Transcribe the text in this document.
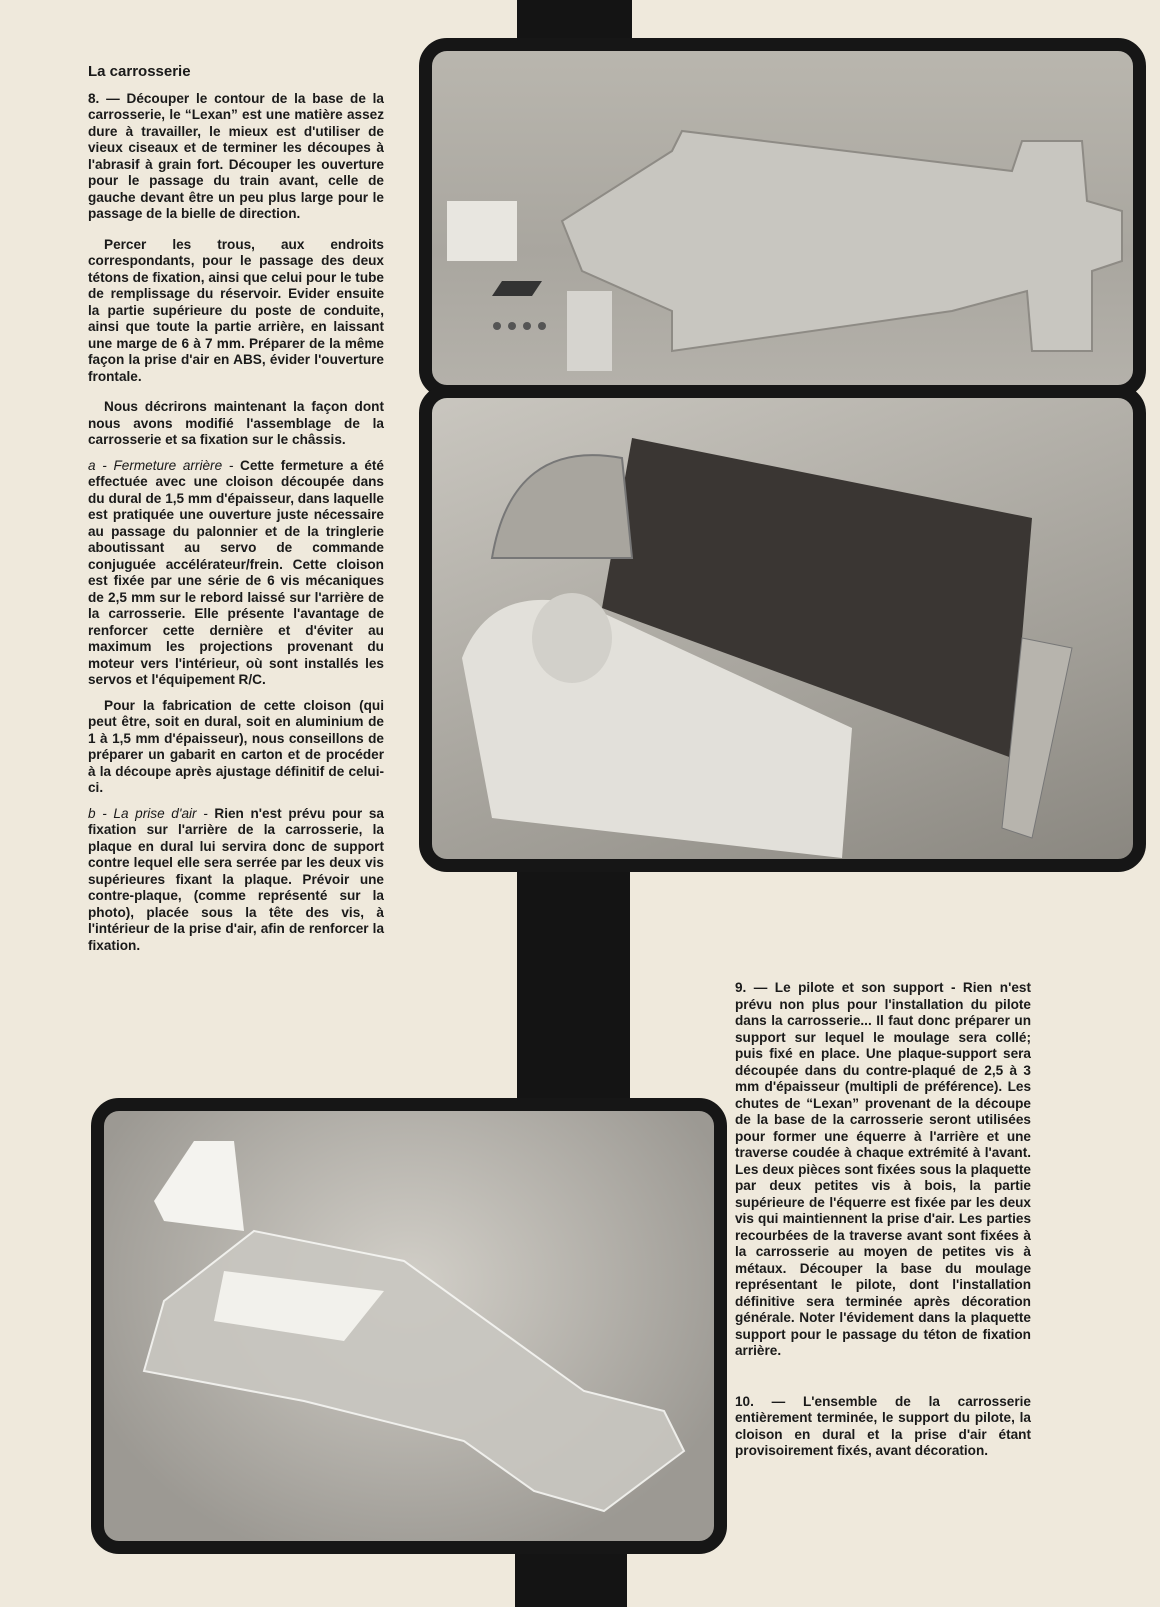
La carrosserie

8. — Découper le contour de la base de la carrosserie, le “Lexan” est une matière assez dure à travailler, le mieux est d'utiliser de vieux ciseaux et de terminer les découpes à l'abrasif à grain fort. Découper les ouverture pour le passage du train avant, celle de gauche devant être un peu plus large pour le passage de la bielle de direction.

Percer les trous, aux endroits correspondants, pour le passage des deux tétons de fixation, ainsi que celui pour le tube de remplissage du réservoir. Evider ensuite la partie supérieure du poste de conduite, ainsi que toute la partie arrière, en laissant une marge de 6 à 7 mm. Préparer de la même façon la prise d'air en ABS, évider l'ouverture frontale.

Nous décrirons maintenant la façon dont nous avons modifié l'assemblage de la carrosserie et sa fixation sur le châssis.

a - Fermeture arrière - Cette fermeture a été effectuée avec une cloison découpée dans du dural de 1,5 mm d'épaisseur, dans laquelle est pratiquée une ouverture juste nécessaire au passage du palonnier et de la tringlerie aboutissant au servo de commande conjuguée accélérateur/frein. Cette cloison est fixée par une série de 6 vis mécaniques de 2,5 mm sur le rebord laissé sur l'arrière de la carrosserie. Elle présente l'avantage de renforcer cette dernière et d'éviter au maximum les projections provenant du moteur vers l'intérieur, où sont installés les servos et l'équipement R/C.

Pour la fabrication de cette cloison (qui peut être, soit en dural, soit en aluminium de 1 à 1,5 mm d'épaisseur), nous conseillons de préparer un gabarit en carton et de procéder à la découpe après ajustage définitif de celui-ci.

b - La prise d'air - Rien n'est prévu pour sa fixation sur l'arrière de la carrosserie, la plaque en dural lui servira donc de support contre lequel elle sera serrée par les deux vis supérieures fixant la plaque. Prévoir une contre-plaque, (comme représenté sur la photo), placée sous la tête des vis, à l'intérieur de la prise d'air, afin de renforcer la fixation.

9. — Le pilote et son support - Rien n'est prévu non plus pour l'installation du pilote dans la carrosserie... Il faut donc préparer un support sur lequel le moulage sera collé; puis fixé en place. Une plaque-support sera découpée dans du contre-plaqué de 2,5 à 3 mm d'épaisseur (multipli de préférence). Les chutes de “Lexan” provenant de la découpe de la base de la carrosserie seront utilisées pour former une équerre à l'arrière et une traverse coudée à chaque extrémité à l'avant. Les deux pièces sont fixées sous la plaquette par deux petites vis à bois, la partie supérieure de l'équerre est fixée par les deux vis qui maintiennent la prise d'air. Les parties recourbées de la traverse avant sont fixées à la carrosserie au moyen de petites vis à métaux. Découper la base du moulage représentant le pilote, dont l'installation définitive sera terminée après décoration générale. Noter l'évidement dans la plaquette support pour le passage du téton de fixation arrière.

10. — L'ensemble de la carrosserie entièrement terminée, le support du pilote, la cloison en dural et la prise d'air étant provisoirement fixés, avant décoration.
